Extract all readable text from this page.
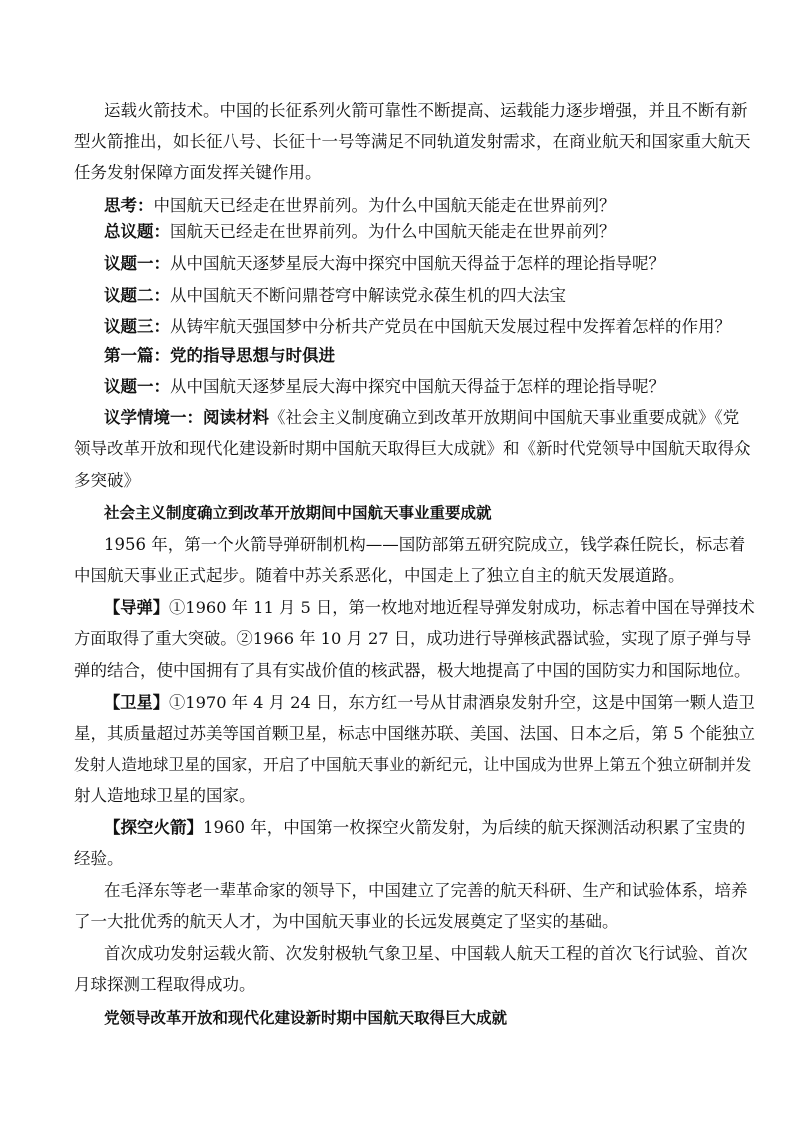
运载火箭技术。中国的长征系列火箭可靠性不断提高、运载能力逐步增强，并且不断有新
型火箭推出，如长征八号、长征十一号等满足不同轨道发射需求，在商业航天和国家重大航天
任务发射保障方面发挥关键作用。
思考：中国航天已经走在世界前列。为什么中国航天能走在世界前列？
总议题：国航天已经走在世界前列。为什么中国航天能走在世界前列？
议题一：从中国航天逐梦星辰大海中探究中国航天得益于怎样的理论指导呢？
议题二：从中国航天不断问鼎苍穹中解读党永葆生机的四大法宝
议题三：从铸牢航天强国梦中分析共产党员在中国航天发展过程中发挥着怎样的作用？
第一篇：党的指导思想与时俱进
议题一：从中国航天逐梦星辰大海中探究中国航天得益于怎样的理论指导呢？
议学情境一：阅读材料《社会主义制度确立到改革开放期间中国航天事业重要成就》《党
领导改革开放和现代化建设新时期中国航天取得巨大成就》和《新时代党领导中国航天取得众
多突破》
社会主义制度确立到改革开放期间中国航天事业重要成就
1956 年，第一个火箭导弹研制机构——国防部第五研究院成立，钱学森任院长，标志着
中国航天事业正式起步。随着中苏关系恶化，中国走上了独立自主的航天发展道路。
【导弹】①1960 年 11 月 5 日，第一枚地对地近程导弹发射成功，标志着中国在导弹技术
方面取得了重大突破。②1966 年 10 月 27 日，成功进行导弹核武器试验，实现了原子弹与导
弹的结合，使中国拥有了具有实战价值的核武器，极大地提高了中国的国防实力和国际地位。
【卫星】①1970 年 4 月 24 日，东方红一号从甘肃酒泉发射升空，这是中国第一颗人造卫
星，其质量超过苏美等国首颗卫星，标志中国继苏联、美国、法国、日本之后，第 5 个能独立
发射人造地球卫星的国家，开启了中国航天事业的新纪元，让中国成为世界上第五个独立研制并发
射人造地球卫星的国家。
【探空火箭】1960 年，中国第一枚探空火箭发射，为后续的航天探测活动积累了宝贵的
经验。
在毛泽东等老一辈革命家的领导下，中国建立了完善的航天科研、生产和试验体系，培养
了一大批优秀的航天人才，为中国航天事业的长远发展奠定了坚实的基础。
首次成功发射运载火箭、次发射极轨气象卫星、中国载人航天工程的首次飞行试验、首次
月球探测工程取得成功。
党领导改革开放和现代化建设新时期中国航天取得巨大成就
